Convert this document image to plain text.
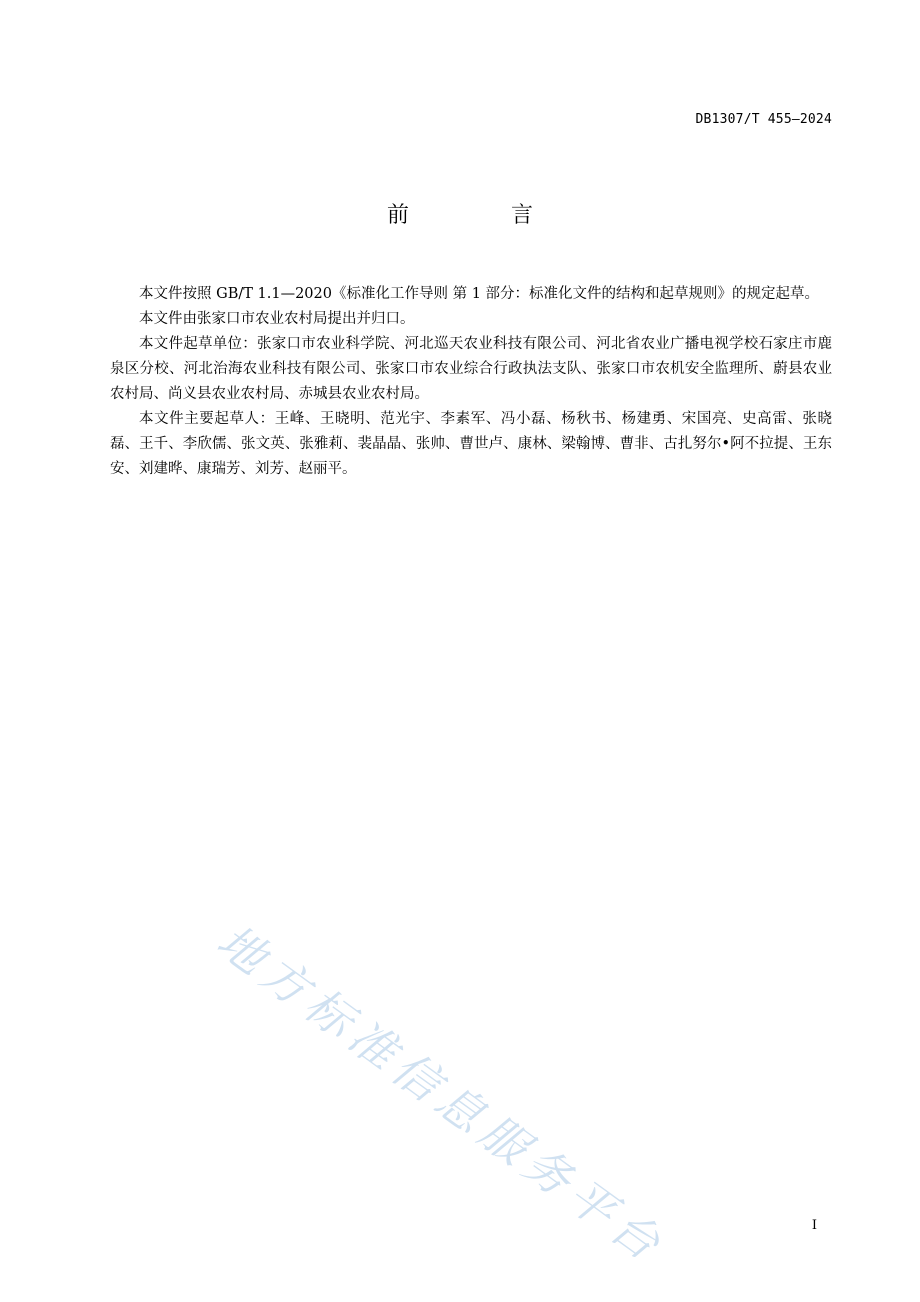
DB1307/T 455—2024
前　言

本文件按照 GB/T 1.1—2020《标准化工作导则 第 1 部分：标准化文件的结构和起草规则》的规定起草。

本文件由张家口市农业农村局提出并归口。

本文件起草单位：张家口市农业科学院、河北巡天农业科技有限公司、河北省农业广播电视学校石家庄市鹿泉区分校、河北治海农业科技有限公司、张家口市农业综合行政执法支队、张家口市农机安全监理所、蔚县农业农村局、尚义县农业农村局、赤城县农业农村局。

本文件主要起草人：王峰、王晓明、范光宇、李素军、冯小磊、杨秋书、杨建勇、宋国亮、史高雷、张晓磊、王千、李欣儒、张文英、张雅莉、裴晶晶、张帅、曹世卢、康林、梁翰博、曹非、古扎努尔•阿不拉提、王东安、刘建晔、康瑞芳、刘芳、赵丽平。

地方标准信息服务平台	I
